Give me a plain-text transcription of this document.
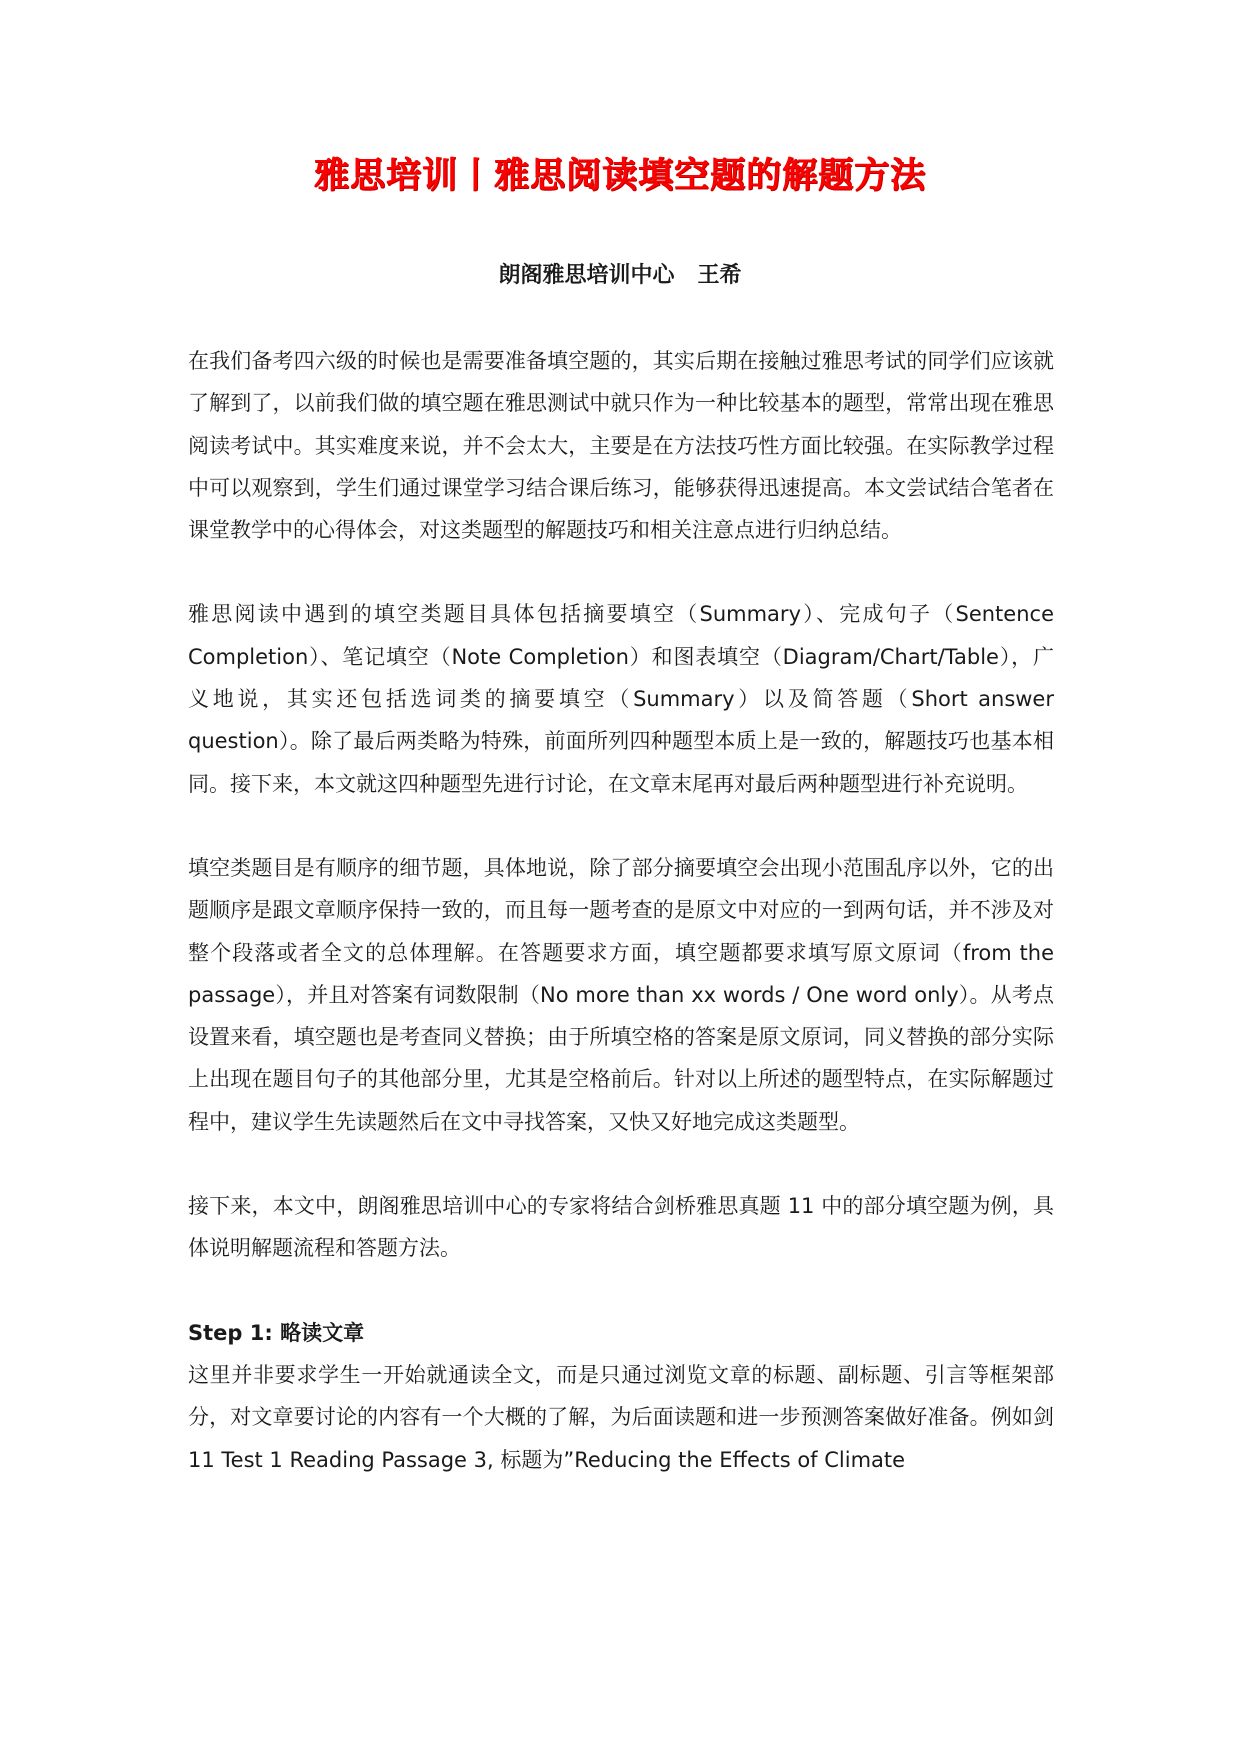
雅思培训丨雅思阅读填空题的解题方法
朗阁雅思培训中心   王希

在我们备考四六级的时候也是需要准备填空题的，其实后期在接触过雅思考试的同学们应该就了解到了，以前我们做的填空题在雅思测试中就只作为一种比较基本的题型，常常出现在雅思阅读考试中。其实难度来说，并不会太大，主要是在方法技巧性方面比较强。在实际教学过程中可以观察到，学生们通过课堂学习结合课后练习，能够获得迅速提高。本文尝试结合笔者在课堂教学中的心得体会，对这类题型的解题技巧和相关注意点进行归纳总结。

雅思阅读中遇到的填空类题目具体包括摘要填空（Summary）、完成句子（Sentence Completion）、笔记填空（Note Completion）和图表填空（Diagram/Chart/Table），广义地说，其实还包括选词类的摘要填空（Summary）以及简答题（Short answer question）。除了最后两类略为特殊，前面所列四种题型本质上是一致的，解题技巧也基本相同。接下来，本文就这四种题型先进行讨论，在文章末尾再对最后两种题型进行补充说明。

填空类题目是有顺序的细节题，具体地说，除了部分摘要填空会出现小范围乱序以外，它的出题顺序是跟文章顺序保持一致的，而且每一题考查的是原文中对应的一到两句话，并不涉及对整个段落或者全文的总体理解。在答题要求方面，填空题都要求填写原文原词（from the passage），并且对答案有词数限制（No more than xx words / One word only）。从考点设置来看，填空题也是考查同义替换；由于所填空格的答案是原文原词，同义替换的部分实际上出现在题目句子的其他部分里，尤其是空格前后。针对以上所述的题型特点，在实际解题过程中，建议学生先读题然后在文中寻找答案，又快又好地完成这类题型。

接下来，本文中，朗阁雅思培训中心的专家将结合剑桥雅思真题 11 中的部分填空题为例，具体说明解题流程和答题方法。

Step 1: 略读文章

这里并非要求学生一开始就通读全文，而是只通过浏览文章的标题、副标题、引言等框架部分，对文章要讨论的内容有一个大概的了解，为后面读题和进一步预测答案做好准备。例如剑 11 Test 1 Reading Passage 3, 标题为”Reducing the Effects of Climate
